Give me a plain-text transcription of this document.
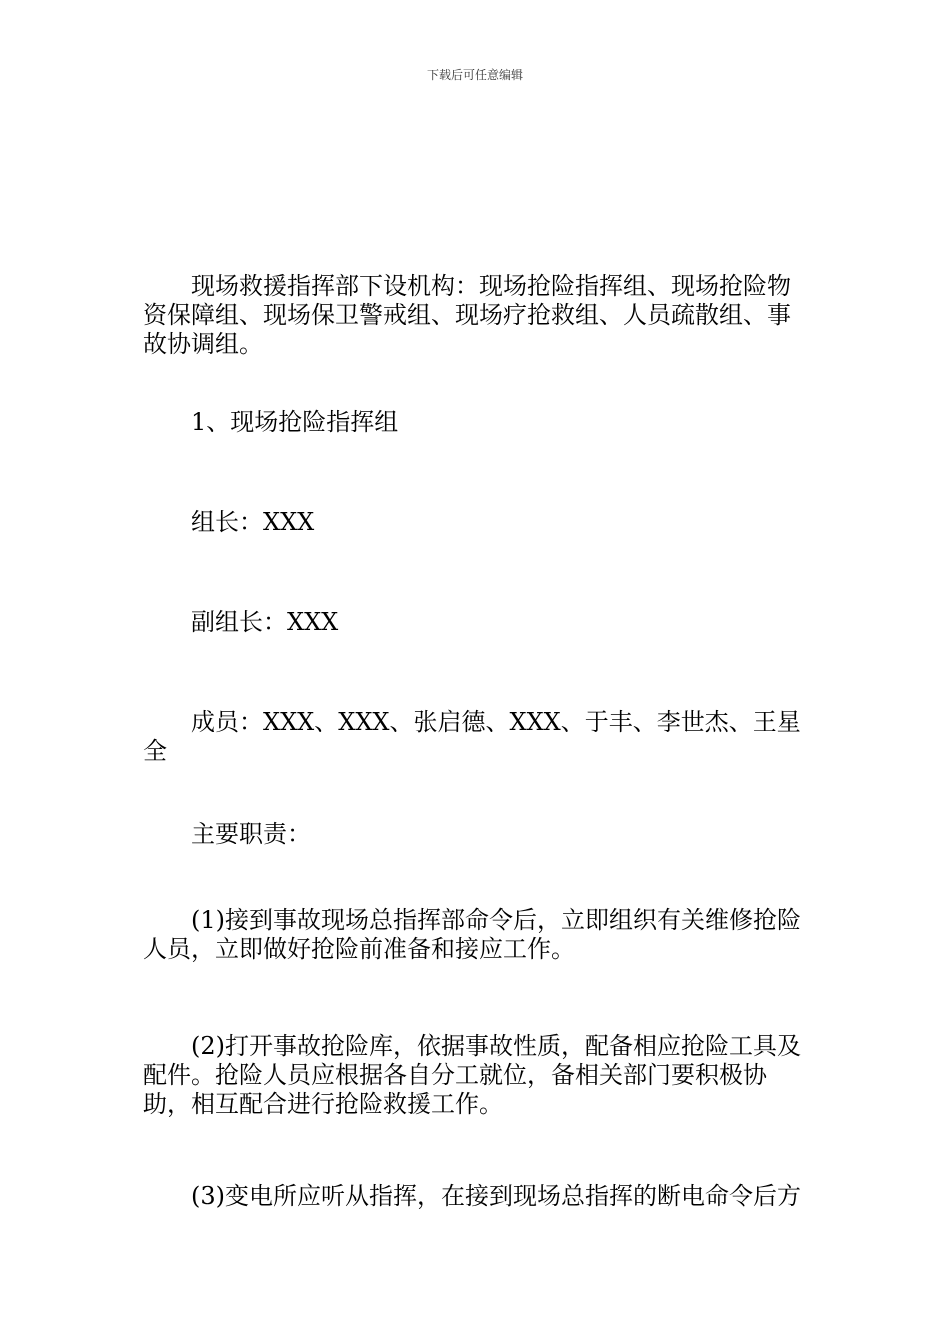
下载后可任意编辑

现场救援指挥部下设机构：现场抢险指挥组、现场抢险物资保障组、现场保卫警戒组、现场疗抢救组、人员疏散组、事故协调组。

1、现场抢险指挥组

组长：XXX

副组长：XXX

成员：XXX、XXX、张启德、XXX、于丰、李世杰、王星全

主要职责：

(1)接到事故现场总指挥部命令后，立即组织有关维修抢险人员，立即做好抢险前准备和接应工作。

(2)打开事故抢险库，依据事故性质，配备相应抢险工具及配件。抢险人员应根据各自分工就位，备相关部门要积极协助，相互配合进行抢险救援工作。

(3)变电所应听从指挥，在接到现场总指挥的断电命令后方
